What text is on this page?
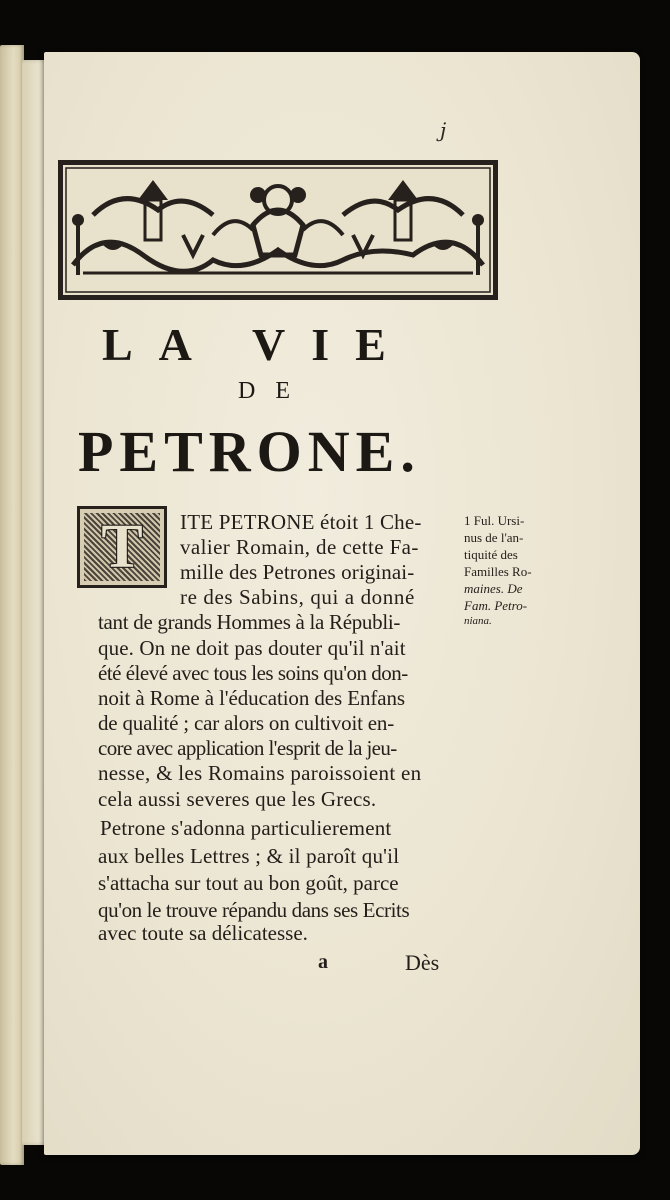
j
LA VIE
DE
PETRONE.
T ITE PETRONE étoit 1 Che-
valier Romain, de cette Fa-
mille des Petrones originai-
re des Sabins, qui a donné
tant de grands Hommes à la Républi-
que. On ne doit pas douter qu'il n'ait
été élevé avec tous les soins qu'on don-
noit à Rome à l'éducation des Enfans
de qualité ; car alors on cultivoit en-
core avec application l'esprit de la jeu-
nesse, & les Romains paroissoient en
cela aussi severes que les Grecs.
Petrone s'adonna particulierement
aux belles Lettres ; & il paroît qu'il
s'attacha sur tout au bon goût, parce
qu'on le trouve répandu dans ses Ecrits
avec toute sa délicatesse.
1 Ful. Ursi-
nus de l'an-
tiquité des
Familles Ro-
maines. De
Fam. Petro-
niana.
a	Dès
